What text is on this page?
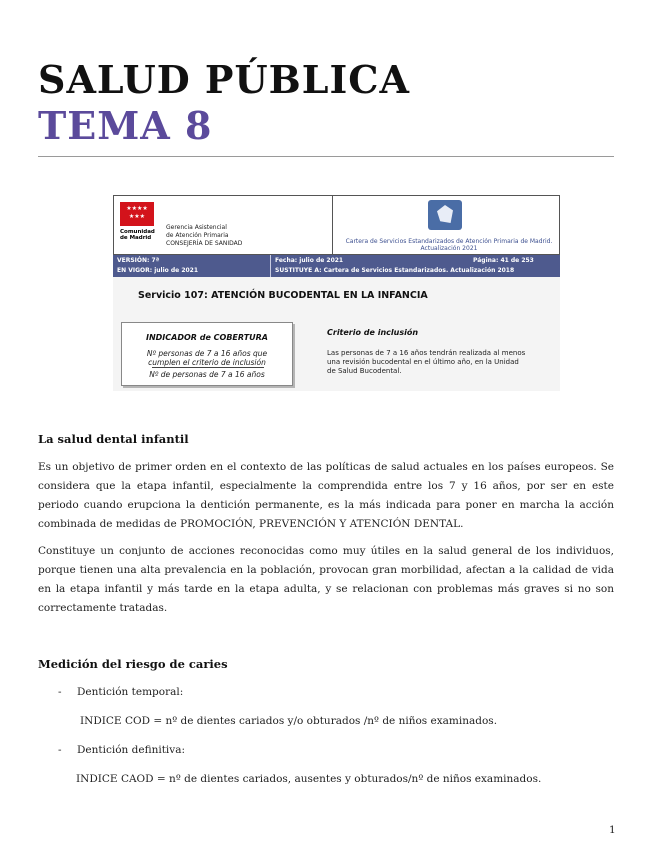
SALUD PÚBLICA
TEMA 8
★★★★
★★★
Comunidad de Madrid
Gerencia Asistencial
de Atención Primaria
CONSEJERÍA DE SANIDAD	Cartera de Servicios Estandarizados de Atención Primaria de Madrid. Actualización 2021
VERSIÓN: 7ª	Fecha: julio de 2021	Página: 41 de 253
EN VIGOR: julio de 2021	SUSTITUYE A: Cartera de Servicios Estandarizados. Actualización 2018
Servicio 107: ATENCIÓN BUCODENTAL EN LA INFANCIA
INDICADOR de COBERTURA
Nº personas de 7 a 16 años que
cumplen el criterio de inclusión
Nº de personas de 7 a 16 años
Criterio de inclusión
Las personas de 7 a 16 años tendrán realizada al menos una revisión bucodental en el último año, en la Unidad de Salud Bucodental.
La salud dental infantil

Es un objetivo de primer orden en el contexto de las políticas de salud actuales en los países europeos. Se considera que la etapa infantil, especialmente la comprendida entre los 7 y 16 años, por ser en este periodo cuando erupciona la dentición permanente, es la más indicada para poner en marcha la acción combinada de medidas de PROMOCIÓN, PREVENCIÓN Y ATENCIÓN DENTAL.

Constituye un conjunto de acciones reconocidas como muy útiles en la salud general de los individuos, porque tienen una alta prevalencia en la población, provocan gran morbilidad, afectan a la calidad de vida en la etapa infantil y más tarde en la etapa adulta, y se relacionan con problemas más graves si no son correctamente tratadas.

Medición del riesgo de caries

- Dentición temporal:

INDICE COD = nº de dientes cariados y/o obturados /nº de niños examinados.

- Dentición definitiva:

INDICE CAOD = nº de dientes cariados, ausentes y obturados/nº de niños examinados.

1
